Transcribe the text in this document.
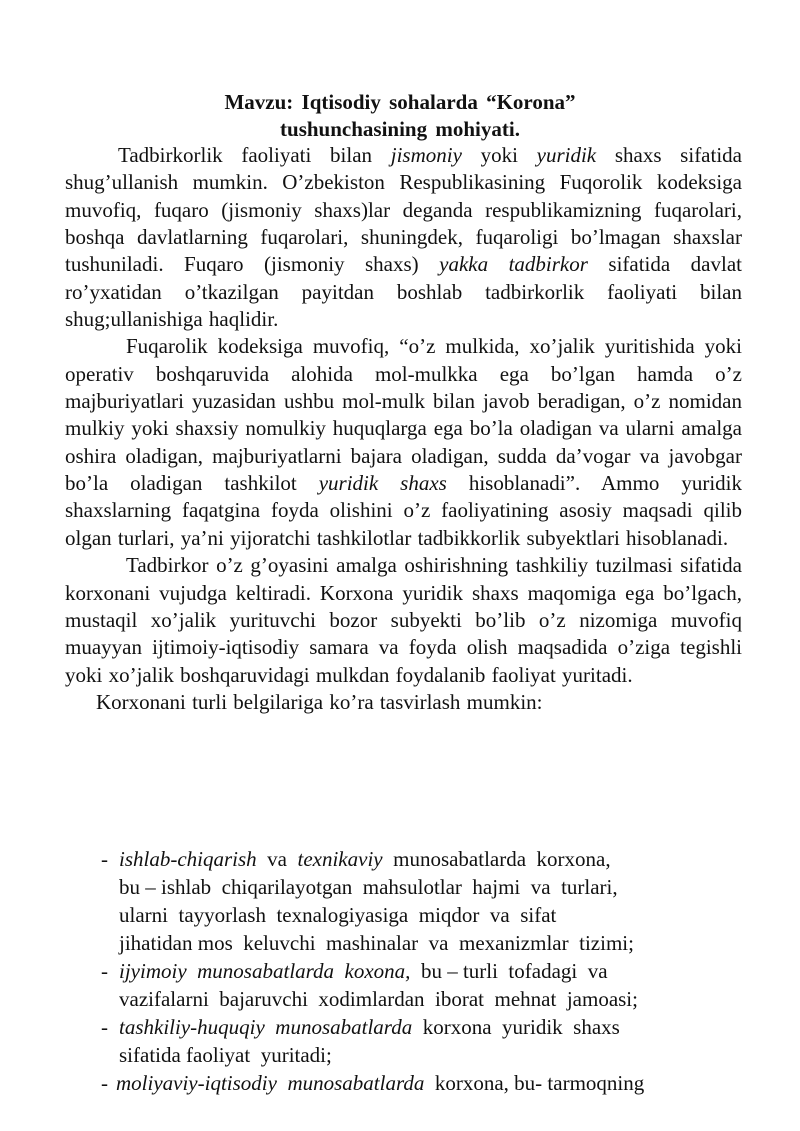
Mavzu: Iqtisodiy sohalarda “Korona”
tushunchasining mohiyati.

Tadbirkorlik faoliyati bilan jismoniy yoki yuridik shaxs sifatida shug’ullanish mumkin. O’zbekiston Respublikasining Fuqorolik kodeksiga muvofiq, fuqaro (jismoniy shaxs)lar deganda respublikamizning fuqarolari, boshqa davlatlarning fuqarolari, shuningdek, fuqaroligi bo’lmagan shaxslar tushuniladi. Fuqaro (jismoniy shaxs) yakka tadbirkor sifatida davlat ro’yxatidan o’tkazilgan payitdan boshlab tadbirkorlik faoliyati bilan shug;ullanishiga haqlidir.

Fuqarolik kodeksiga muvofiq, “o’z mulkida, xo’jalik yuritishida yoki operativ boshqaruvida alohida mol-mulkka ega bo’lgan hamda o’z majburiyatlari yuzasidan ushbu mol-mulk bilan javob beradigan, o’z nomidan mulkiy yoki shaxsiy nomulkiy huquqlarga ega bo’la oladigan va ularni amalga oshira oladigan, majburiyatlarni bajara oladigan, sudda da’vogar va javobgar bo’la oladigan tashkilot yuridik shaxs hisoblanadi”. Ammo yuridik shaxslarning faqatgina foyda olishini o’z faoliyatining asosiy maqsadi qilib olgan turlari, ya’ni yijoratchi tashkilotlar tadbikkorlik subyektlari hisoblanadi.

Tadbirkor o’z g’oyasini amalga oshirishning tashkiliy tuzilmasi sifatida korxonani vujudga keltiradi. Korxona yuridik shaxs maqomiga ega bo’lgach, mustaqil xo’jalik yurituvchi bozor subyekti bo’lib o’z nizomiga muvofiq muayyan ijtimoiy-iqtisodiy samara va foyda olish maqsadida o’ziga tegishli yoki xo’jalik boshqaruvidagi mulkdan foydalanib faoliyat yuritadi.

Korxonani turli belgilariga ko’ra tasvirlash mumkin:

- ishlab-chiqarish  va  texnikaviy  munosabatlarda  korxona,
bu – ishlab  chiqarilayotgan  mahsulotlar  hajmi  va  turlari,
ularni  tayyorlash  texnalogiyasiga  miqdor  va  sifat
jihatidan mos  keluvchi  mashinalar  va  mexanizmlar  tizimi;
- ijyimoiy  munosabatlarda  koxona,  bu – turli  tofadagi  va
vazifalarni  bajaruvchi  xodimlardan  iborat  mehnat  jamoasi;
- tashkiliy-huquqiy  munosabatlarda  korxona  yuridik  shaxs
sifatida faoliyat  yuritadi;
- moliyaviy-iqtisodiy  munosabatlarda  korxona, bu- tarmoqning
